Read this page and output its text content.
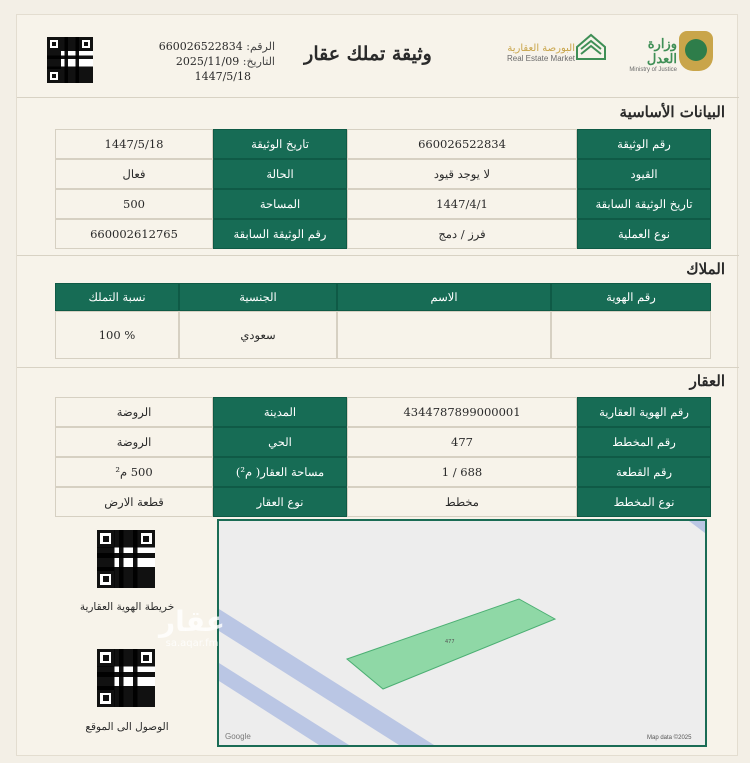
الرقم: 660026522834
التاريخ: 2025/11/09
1447/5/18
وثيقة تملك عقار	البورصة العقارية
Real Estate Market
وزارة العدل
Ministry of Justice
البيانات الأساسية
رقم الوثيقة
660026522834
تاريخ الوثيقة
1447/5/18
القيود
لا يوجد قيود
الحالة
فعال
تاريخ الوثيقة السابقة
1447/4/1
المساحة
500
نوع العملية
فرز / دمج
رقم الوثيقة السابقة
660002612765
الملاك
رقم الهوية
الاسم
الجنسية
نسبة التملك
سعودي
% 100
العقار
رقم الهوية العقارية
4344787899000001
المدينة
الروضة
رقم المخطط
477
الحي
الروضة
رقم القطعة
688 / 1
مساحة العقار( م²)
500 م²
نوع المخطط
مخطط
نوع العقار
قطعة الارض
خريطة الهوية العقارية
الوصول الى الموقع
477
Google	Map data ©2025
عقار
sa.aqar.fm
